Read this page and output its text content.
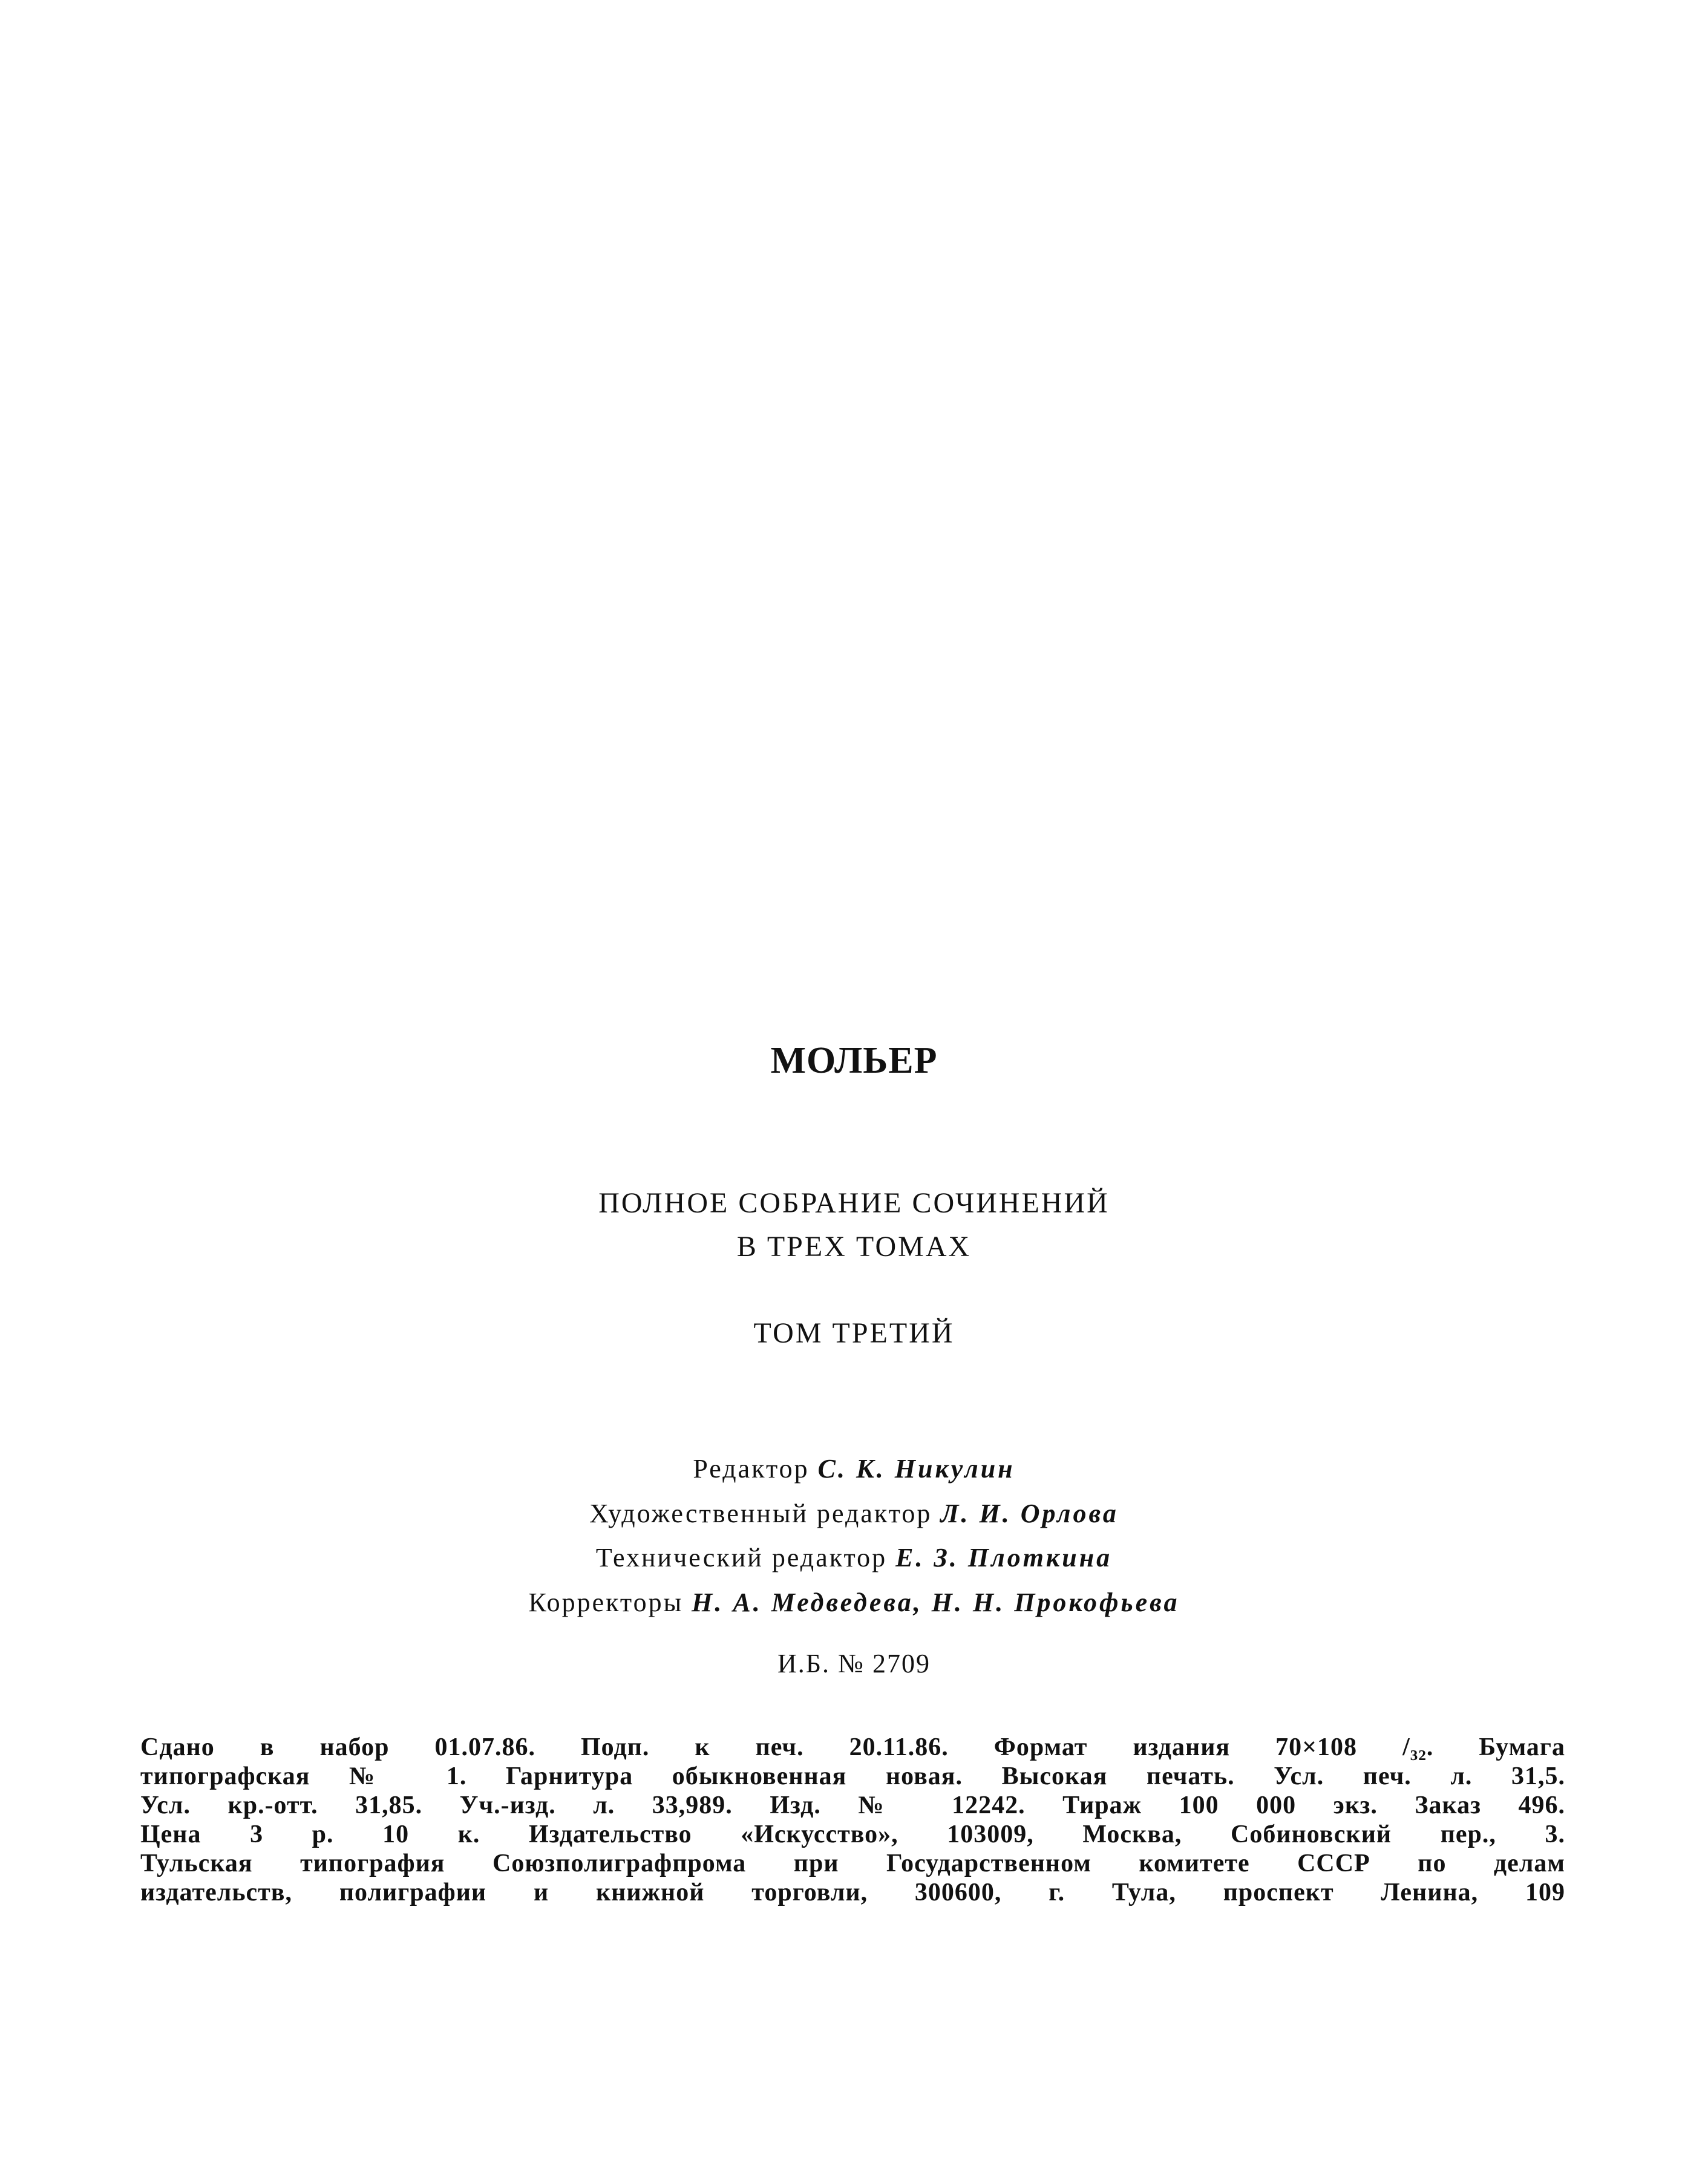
МОЛЬЕР
ПОЛНОЕ СОБРАНИЕ СОЧИНЕНИЙ
В ТРЕХ ТОМАХ
ТОМ ТРЕТИЙ
Редактор С. К. Никулин
Художественный редактор Л. И. Орлова
Технический редактор Е. З. Плоткина
Корректоры Н. А. Медведева, Н. Н. Прокофьева
И.Б. № 2709
Сдано в набор 01.07.86. Подп. к печ. 20.11.86. Формат издания 70×108 /₃₂. Бумага
типографская № 1. Гарнитура обыкновенная новая. Высокая печать. Усл. печ. л. 31,5.
Усл. кр.-отт. 31,85. Уч.-изд. л. 33,989. Изд. № 12242. Тираж 100 000 экз. Заказ 496.
Цена 3 р. 10 к. Издательство «Искусство», 103009, Москва, Собиновский пер., 3.
Тульская типография Союзполиграфпрома при Государственном комитете СССР по делам
издательств, полиграфии и книжной торговли, 300600, г. Тула, проспект Ленина, 109
